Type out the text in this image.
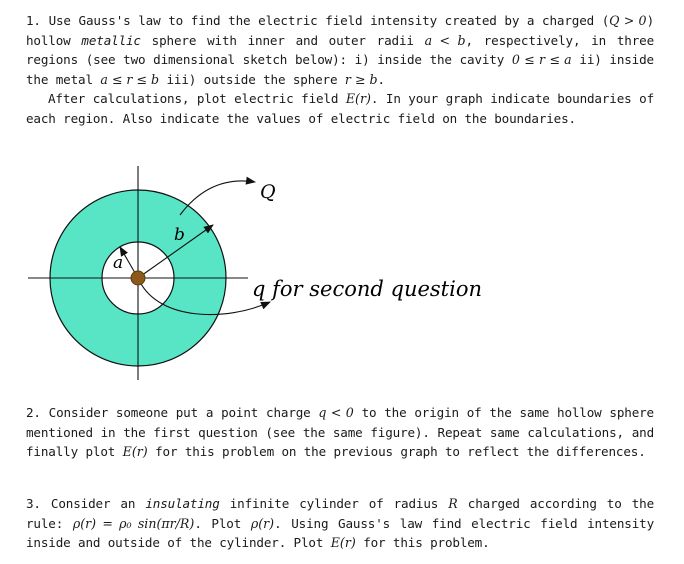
1. Use Gauss's law to find the electric field intensity created by a charged (Q > 0) hollow metallic sphere with inner and outer radii a < b, respectively, in three regions (see two dimensional sketch below): i) inside the cavity 0 ≤ r ≤ a ii) inside the metal a ≤ r ≤ b iii) outside the sphere r ≥ b.
After calculations, plot electric field E(r). In your graph indicate boundaries of each region. Also indicate the values of electric field on the boundaries.
Q
b
a
q for second question
2. Consider someone put a point charge q < 0 to the origin of the same hollow sphere mentioned in the first question (see the same figure). Repeat same calculations, and finally plot E(r) for this problem on the previous graph to reflect the differences.
3. Consider an insulating infinite cylinder of radius R charged according to the rule: ρ(r) = ρ₀ sin(πr/R). Plot ρ(r). Using Gauss's law find electric field intensity inside and outside of the cylinder. Plot E(r) for this problem.
